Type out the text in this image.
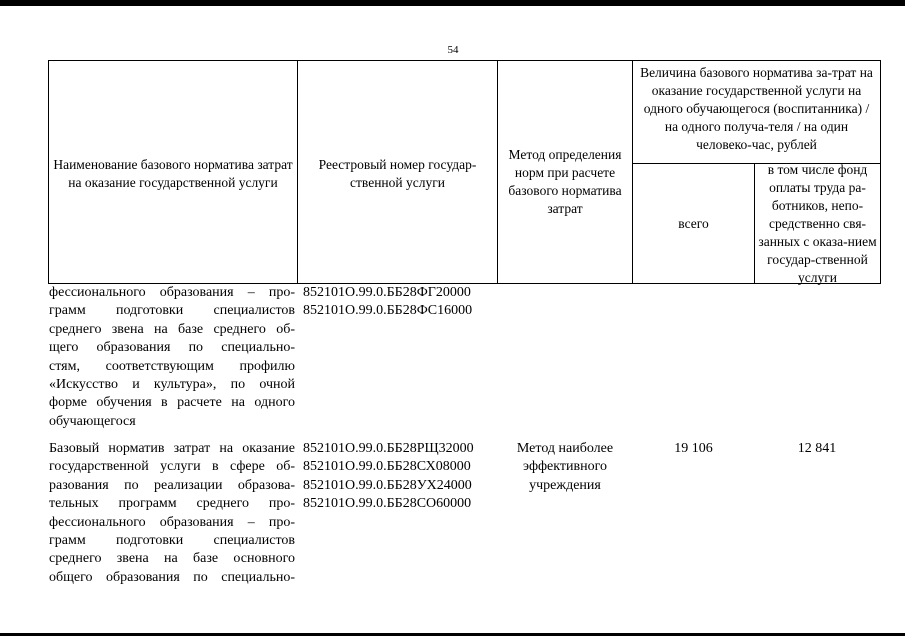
54
Наименование базового норматива затрат на оказание государственной услуги
Реестровый номер государ-ственной услуги
Метод определения норм при расчете базового норматива затрат
Величина базового норматива за-трат на оказание государственной услуги на одного обучающегося (воспитанника) / на одного получа-теля / на один человеко-час, рублей
всего
в том числе фонд оплаты труда ра-ботников, непо-средственно свя-занных с оказа-нием государ-ственной услуги
фессионального образования – про-
грамм подготовки специалистов
среднего звена на базе среднего об-
щего образования по специально-
стям, соответствующим профилю
«Искусство и культура», по очной
форме обучения в расчете на одного
обучающегося
852101О.99.0.ББ28ФГ20000
852101О.99.0.ББ28ФС16000
Базовый норматив затрат на оказание
государственной услуги в сфере об-
разования по реализации образова-
тельных программ среднего про-
фессионального образования – про-
грамм подготовки специалистов
среднего звена на базе основного
общего образования по специально-
852101О.99.0.ББ28РЩ32000
852101О.99.0.ББ28СХ08000
852101О.99.0.ББ28УХ24000
852101О.99.0.ББ28СО60000
Метод наиболее эффективного учреждения
19 106	12 841
